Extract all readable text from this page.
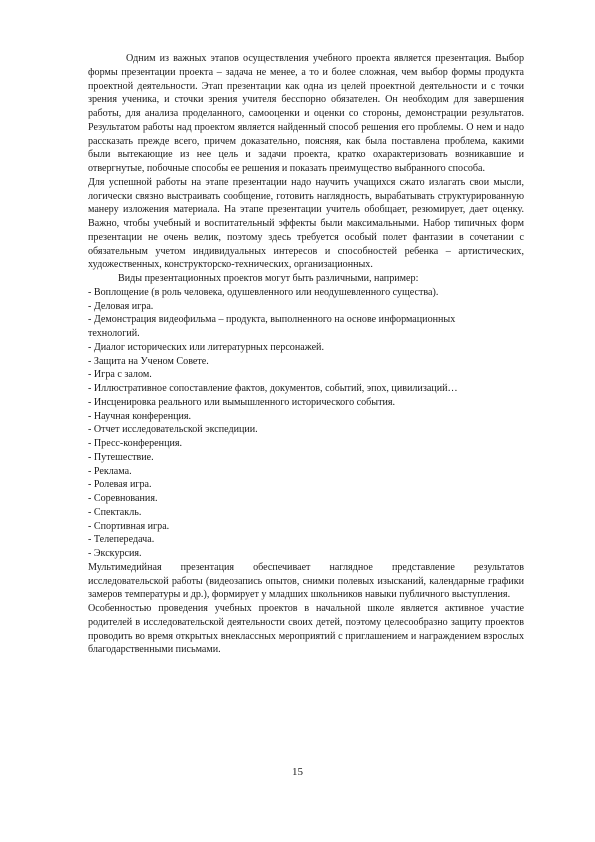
Одним из важных этапов осуществления учебного проекта является презентация. Выбор формы презентации проекта – задача не менее, а то и более сложная, чем выбор формы продукта проектной деятельности. Этап презентации как одна из целей проектной деятельности и с точки зрения ученика, и сточки зрения учителя бесспорно обязателен. Он необходим для завершения работы, для анализа проделанного, самооценки и оценки со стороны, демонстрации результатов. Результатом работы над проектом является найденный способ решения его проблемы. О нем и надо рассказать прежде всего, причем доказательно, поясняя, как была поставлена проблема, какими были вытекающие из нее цель и задачи проекта, кратко охарактеризовать возникавшие и отвергнутые, побочные способы ее решения и показать преимущество выбранного способа.

Для успешной работы на этапе презентации надо научить учащихся сжато излагать свои мысли, логически связно выстраивать сообщение, готовить наглядность, вырабатывать структурированную манеру изложения материала. На этапе презентации учитель обобщает, резюмирует, дает оценку. Важно, чтобы учебный и воспитательный эффекты были максимальными. Набор типичных форм презентации не очень велик, поэтому здесь требуется особый полет фантазии в сочетании с обязательным учетом индивидуальных интересов и способностей ребенка – артистических, художественных, конструкторско-технических, организационных.

Виды презентационных проектов могут быть различными, например:

- Воплощение (в роль человека, одушевленного или неодушевленного существа).
- Деловая игра.
- Демонстрация видеофильма – продукта, выполненного на основе информационных технологий.
- Диалог исторических или литературных персонажей.
- Защита на Ученом Совете.
- Игра с залом.
- Иллюстративное сопоставление фактов, документов, событий, эпох, цивилизаций…
- Инсценировка реального или вымышленного исторического события.
- Научная конференция.
- Отчет исследовательской экспедиции.
- Пресс-конференция.
- Путешествие.
- Реклама.
- Ролевая игра.
- Соревнования.
- Спектакль.
- Спортивная игра.
- Телепередача.
- Экскурсия.

Мультимедийная презентация обеспечивает наглядное представление результатов исследовательской работы (видеозапись опытов, снимки полевых изысканий, календарные графики замеров температуры и др.), формирует у младших школьников навыки публичного выступления.

Особенностью проведения учебных проектов в начальной школе является активное участие родителей в исследовательской деятельности своих детей, поэтому целесообразно защиту проектов проводить во время открытых внеклассных мероприятий с приглашением и награждением взрослых благодарственными письмами.

15
